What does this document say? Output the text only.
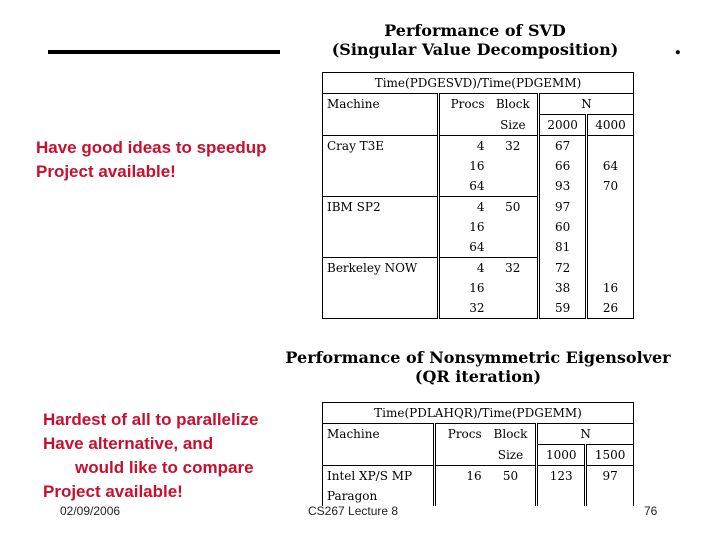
Performance of SVD
(Singular Value Decomposition)	.
Have good ideas to speedup
Project available!
Time(PDGESVD)/Time(PDGEMM)				
Machine	Procs	Block	N	
		Size	2000	4000
Cray T3E	4	32	67	
	16		66	64
	64		93	70
IBM SP2	4	50	97	
	16		60	
	64		81	
Berkeley NOW	4	32	72	
	16		38	16
	32		59	26
Performance of Nonsymmetric Eigensolver
(QR iteration)
Hardest of all to parallelize
Have alternative, and
would like to compare
Project available!
Time(PDLAHQR)/Time(PDGEMM)				
Machine	Procs	Block	N	
		Size	1000	1500
Intel XP/S MP	16	50	123	97
Paragon				
02/09/2006	CS267 Lecture 8	76
